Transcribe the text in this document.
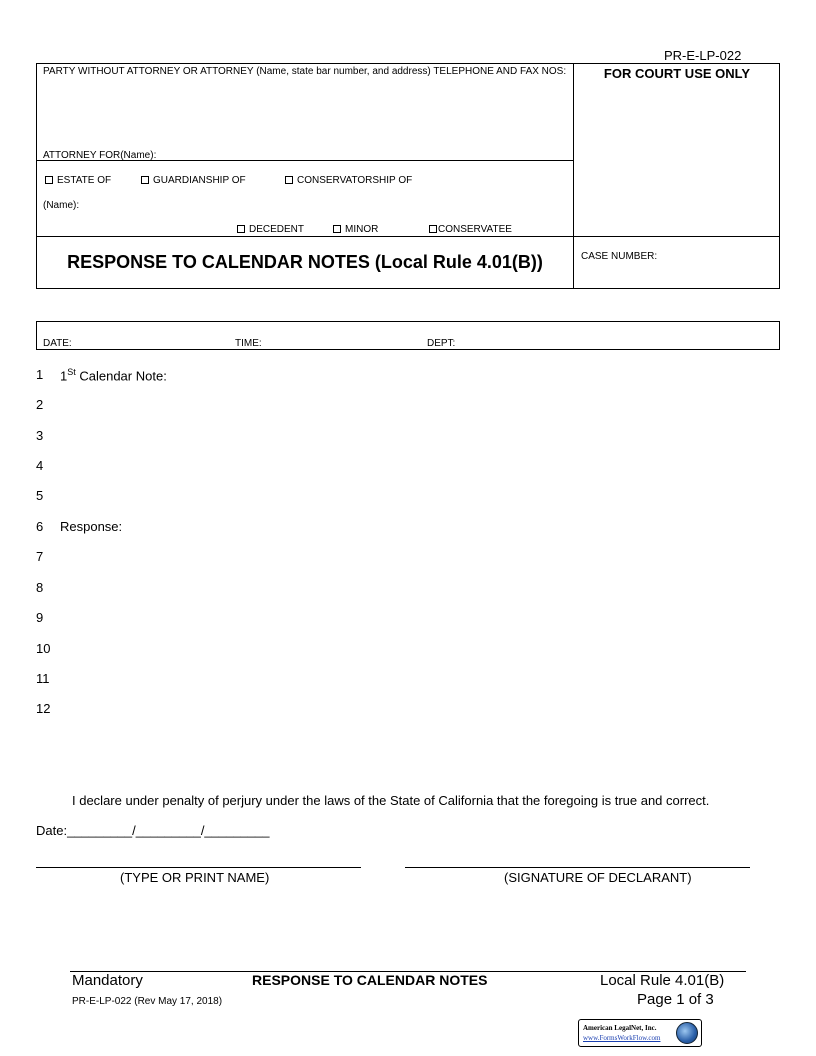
PR-E-LP-022
PARTY WITHOUT ATTORNEY OR ATTORNEY (Name, state bar number, and address) TELEPHONE AND FAX NOS:
ATTORNEY FOR(Name):
FOR COURT USE ONLY
ESTATE OF	GUARDIANSHIP OF	CONSERVATORSHIP OF
(Name):
DECEDENT	MINOR	CONSERVATEE
RESPONSE TO CALENDAR NOTES (Local Rule 4.01(B))	CASE NUMBER:
DATE:	TIME:	DEPT:
1
2
3
4
5
6
7
8
9
10
11
12
1St Calendar Note:
Response:
I declare under penalty of perjury under the laws of the State of California that the foregoing is true and correct.
Date:_________/_________/_________
(TYPE OR PRINT NAME)	(SIGNATURE OF DECLARANT)
Mandatory	RESPONSE TO CALENDAR NOTES	Local Rule 4.01(B)
PR-E-LP-022 (Rev May 17, 2018)	Page 1 of 3
American LegalNet, Inc.
www.FormsWorkFlow.com
